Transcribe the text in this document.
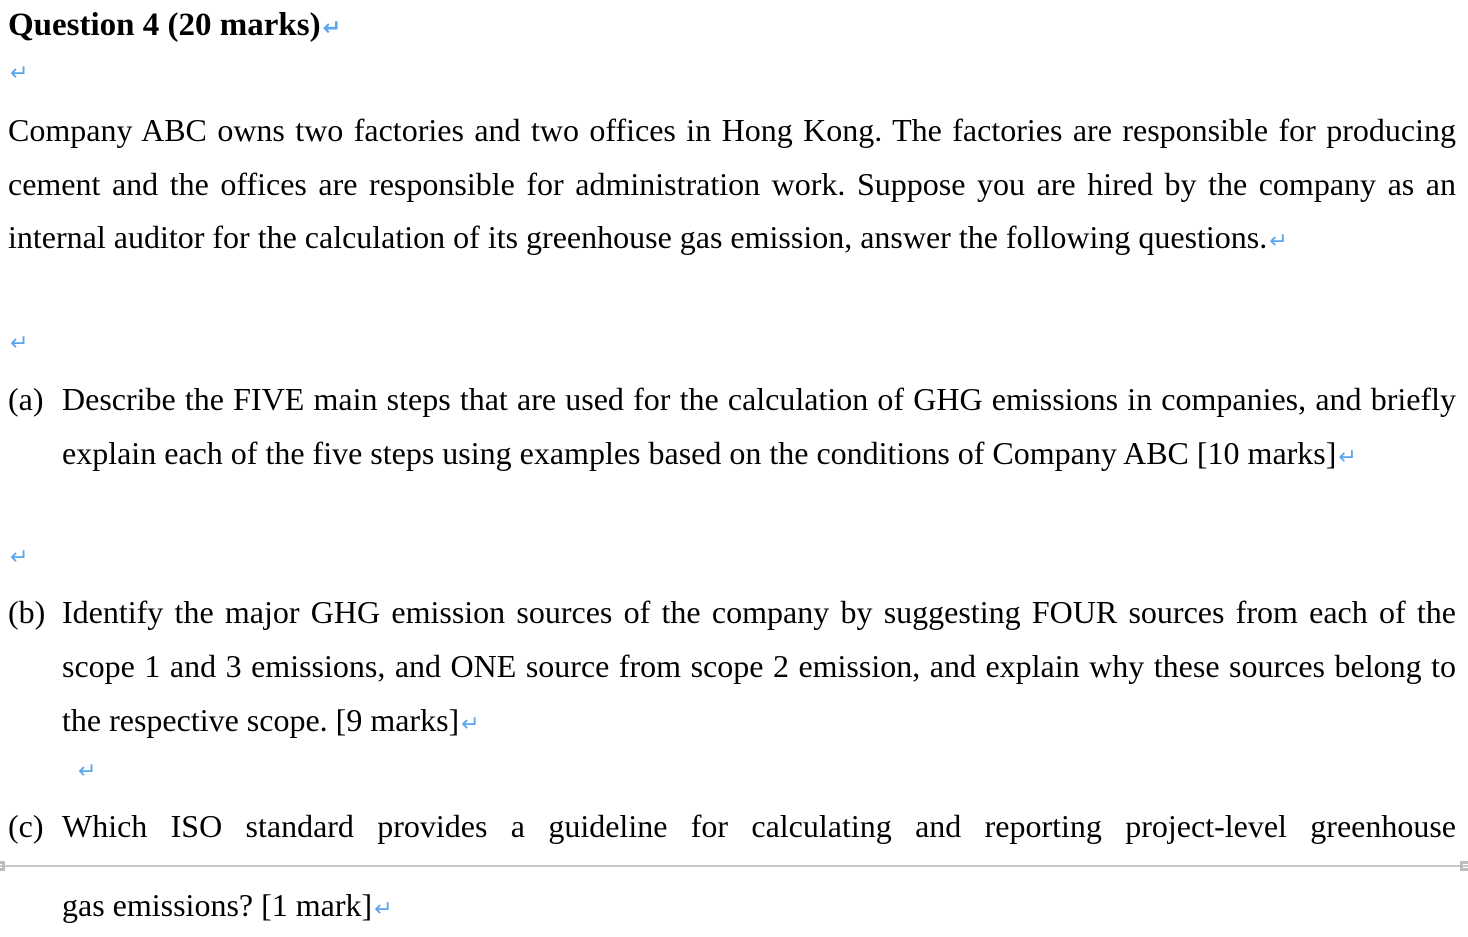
Question 4 (20 marks)↵
↵
Company ABC owns two factories and two offices in Hong Kong. The factories are responsible for producing cement and the offices are responsible for administration work. Suppose you are hired by the company as an internal auditor for the calculation of its greenhouse gas emission, answer the following questions.↵
↵
(a) Describe the FIVE main steps that are used for the calculation of GHG emissions in companies, and briefly explain each of the five steps using examples based on the conditions of Company ABC [10 marks]↵
↵
(b) Identify the major GHG emission sources of the company by suggesting FOUR sources from each of the scope 1 and 3 emissions, and ONE source from scope 2 emission, and explain why these sources belong to the respective scope. [9 marks]↵
↵
(c) Which ISO standard provides a guideline for calculating and reporting project-level greenhouse
gas emissions? [1 mark]↵
